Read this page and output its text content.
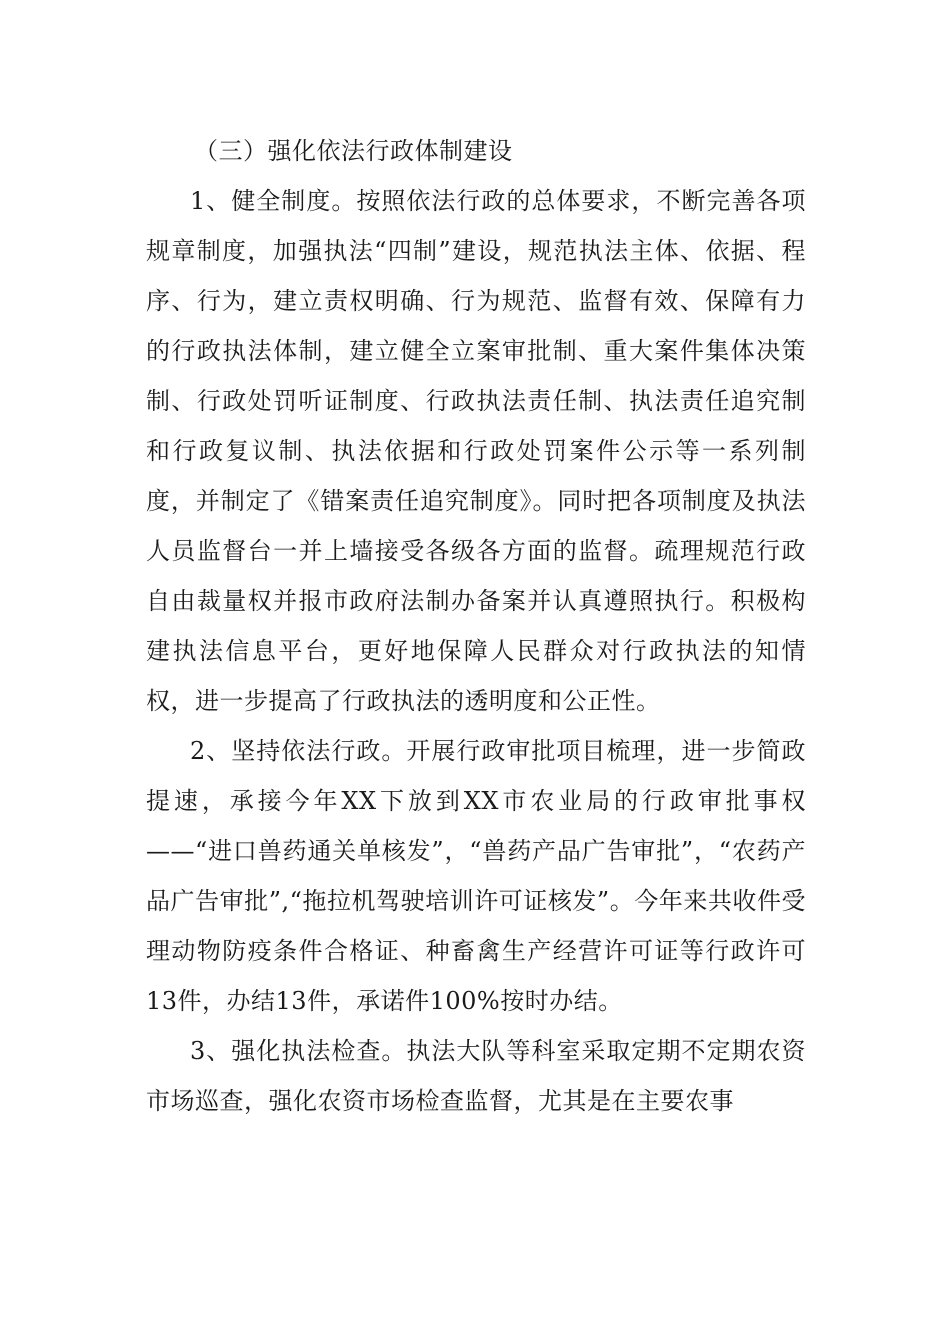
（三）强化依法行政体制建设

1、健全制度。按照依法行政的总体要求，不断完善各项规章制度，加强执法“四制”建设，规范执法主体、依据、程序、行为，建立责权明确、行为规范、监督有效、保障有力的行政执法体制，建立健全立案审批制、重大案件集体决策制、行政处罚听证制度、行政执法责任制、执法责任追究制和行政复议制、执法依据和行政处罚案件公示等一系列制度，并制定了《错案责任追究制度》。同时把各项制度及执法人员监督台一并上墙接受各级各方面的监督。疏理规范行政自由裁量权并报市政府法制办备案并认真遵照执行。积极构建执法信息平台，更好地保障人民群众对行政执法的知情权，进一步提高了行政执法的透明度和公正性。

2、坚持依法行政。开展行政审批项目梳理，进一步简政提速，承接今年XX下放到XX市农业局的行政审批事权——“进口兽药通关单核发”，“兽药产品广告审批”，“农药产品广告审批”,“拖拉机驾驶培训许可证核发”。今年来共收件受理动物防疫条件合格证、种畜禽生产经营许可证等行政许可13件，办结13件，承诺件100%按时办结。

3、强化执法检查。执法大队等科室采取定期不定期农资市场巡查，强化农资市场检查监督，尤其是在主要农事
